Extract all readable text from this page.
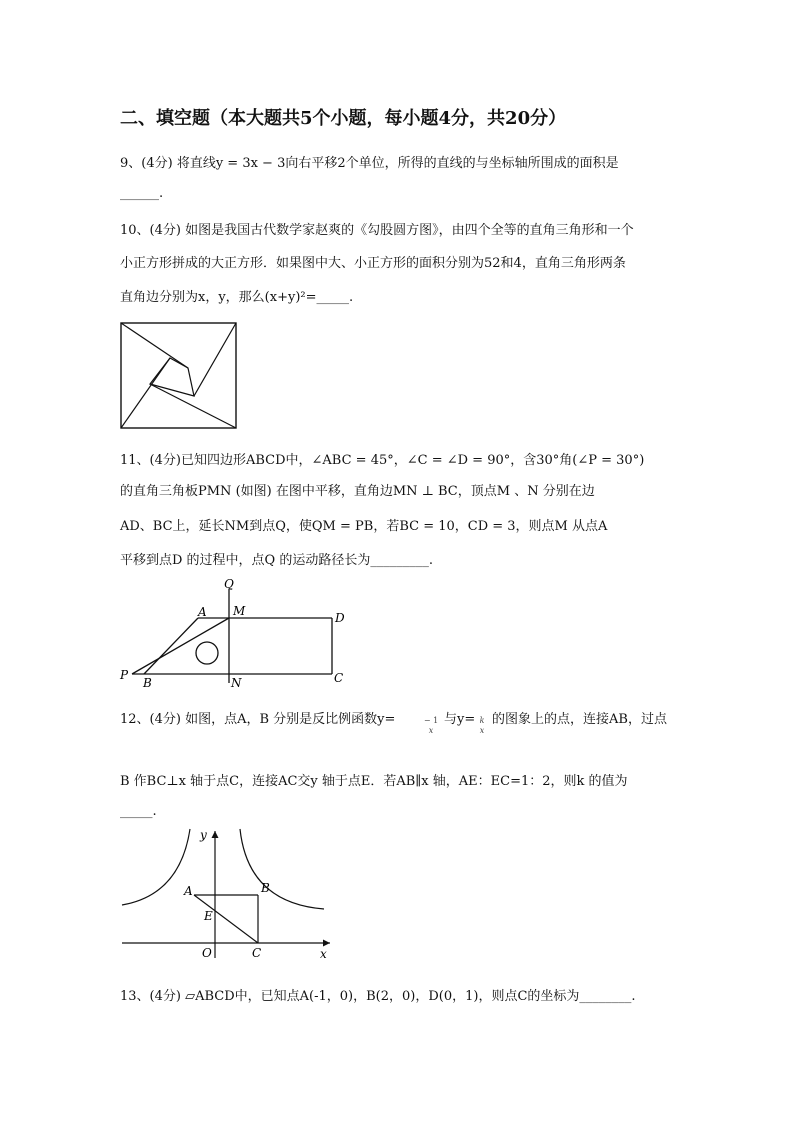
二、填空题（本大题共5个小题，每小题4分，共20分）
9、(4分) 将直线y = 3x − 3向右平移2个单位，所得的直线的与坐标轴所围成的面积是
______.
10、(4分) 如图是我国古代数学家赵爽的《勾股圆方图》，由四个全等的直角三角形和一个
小正方形拼成的大正方形．如果图中大、小正方形的面积分别为52和4，直角三角形两条
直角边分别为x，y，那么(x+y)²=_____.
11、(4分)已知四边形ABCD中，∠ABC = 45°，∠C = ∠D = 90°，含30°角(∠P = 30°)
的直角三角板PMN (如图) 在图中平移，直角边MN ⊥ BC，顶点M 、N 分别在边
AD、BC上，延长NM到点Q，使QM = PB，若BC = 10，CD = 3，则点M 从点A
平移到点D 的过程中，点Q 的运动路径长为_________.
Q
A M	D
P
B	N	C
12、(4分) 如图，点A，B 分别是反比例函数y=	− 1
x
与y= k
x
的图象上的点，连接AB，过点
B 作BC⊥x 轴于点C，连接AC交y 轴于点E．若AB∥x 轴，AE：EC=1：2，则k 的值为
_____.
y
A	B
E
O	C	x
13、(4分) ▱ABCD中，已知点A(-1，0)，B(2，0)，D(0，1)，则点C的坐标为________.
